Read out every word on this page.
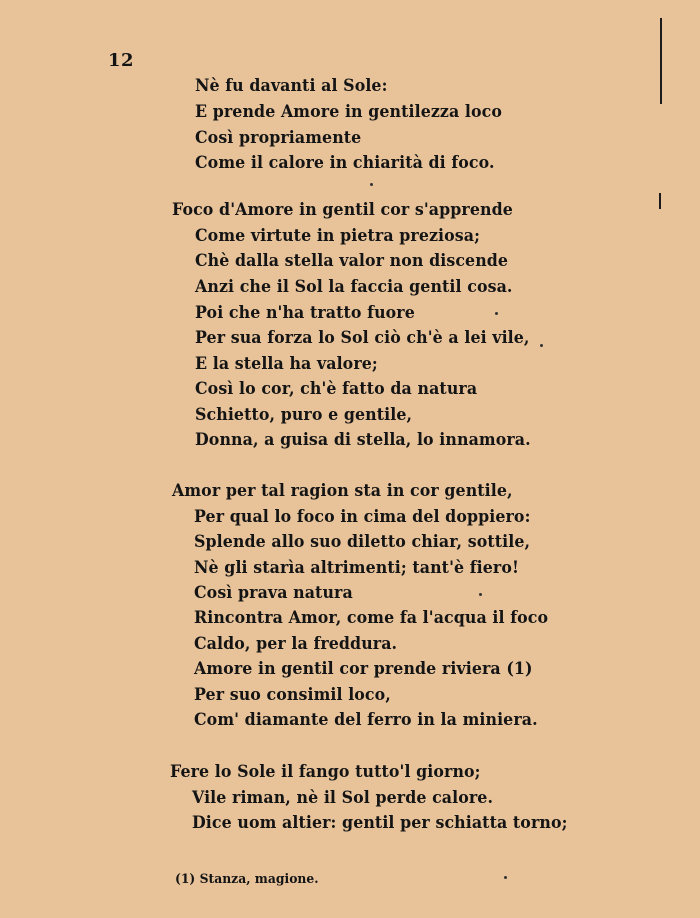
12
Nè fu davanti al Sole:
E prende Amore in gentilezza loco
Così propriamente
Come il calore in chiarità di foco.
Foco d'Amore in gentil cor s'apprende
Come virtute in pietra preziosa;
Chè dalla stella valor non discende
Anzi che il Sol la faccia gentil cosa.
Poi che n'ha tratto fuore
Per sua forza lo Sol ciò ch'è a lei vile,
E la stella ha valore;
Così lo cor, ch'è fatto da natura
Schietto, puro e gentile,
Donna, a guisa di stella, lo innamora.
Amor per tal ragion sta in cor gentile,
Per qual lo foco in cima del doppiero:
Splende allo suo diletto chiar, sottile,
Nè gli starìa altrimenti; tant'è fiero!
Così prava natura
Rincontra Amor, come fa l'acqua il foco
Caldo, per la freddura.
Amore in gentil cor prende riviera (1)
Per suo consimil loco,
Com' diamante del ferro in la miniera.
Fere lo Sole il fango tutto'l giorno;
Vile riman, nè il Sol perde calore.
Dice uom altier: gentil per schiatta torno;
(1) Stanza, magione.
